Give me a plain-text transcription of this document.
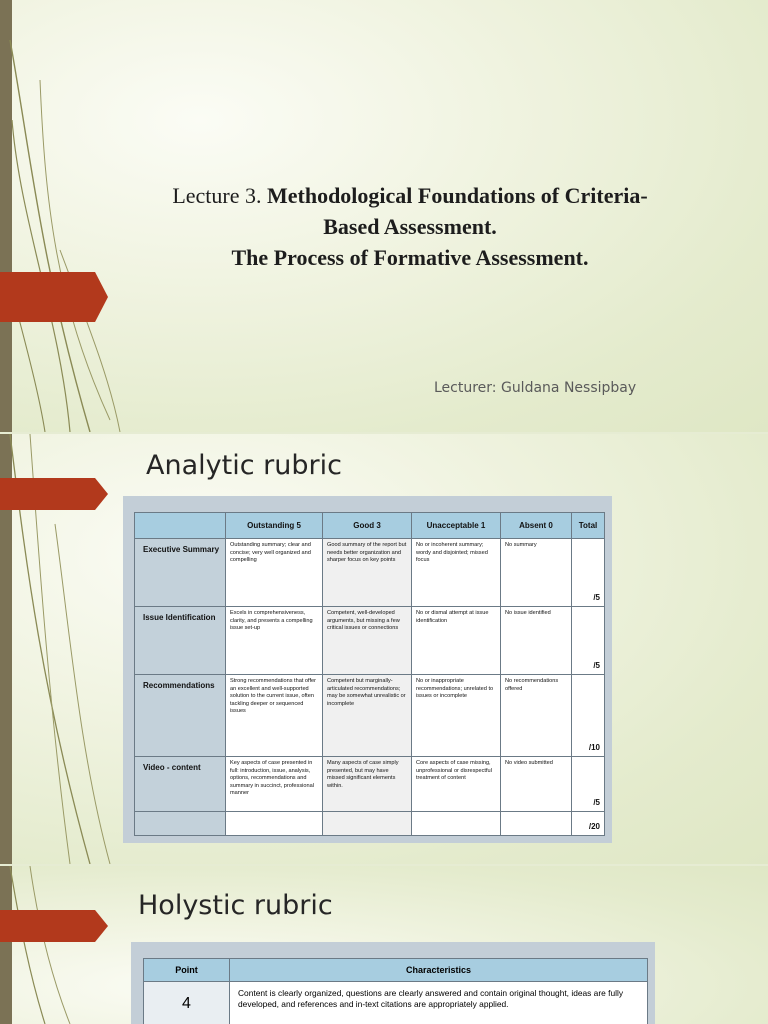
Lecture 3. Methodological Foundations of Criteria-
Based Assessment.
The Process of Formative Assessment.
Lecturer: Guldana Nessipbay
Analytic rubric
	Outstanding 5	Good 3	Unacceptable 1	Absent 0	Total
Executive Summary	Outstanding summary; clear and concise; very well organized and compelling	Good summary of the report but needs better organization and sharper focus on key points	No or incoherent summary; wordy and disjointed; missed focus	No summary	/5
Issue Identification	Excels in comprehensiveness, clarity, and presents a compelling issue set-up	Competent, well-developed arguments, but missing a few critical issues or connections	No or dismal attempt at issue identification	No issue identified	/5
Recommendations	Strong recommendations that offer an excellent and well-supported solution to the current issue, often tackling deeper or sequenced issues	Competent but marginally-articulated recommendations; may be somewhat unrealistic or incomplete	No or inappropriate recommendations; unrelated to issues or incomplete	No recommendations offered	/10
Video - content	Key aspects of case presented in full: introduction, issue, analysis, options, recommendations and summary in succinct, professional manner	Many aspects of case simply presented, but may have missed significant elements within.	Core aspects of case missing, unprofessional or disrespectful treatment of content	No video submitted	/5
					/20
Holystic rubric
Point	Characteristics
4	Content is clearly organized, questions are clearly answered and contain original thought, ideas are fully developed, and references and in-text citations are appropriately applied.
